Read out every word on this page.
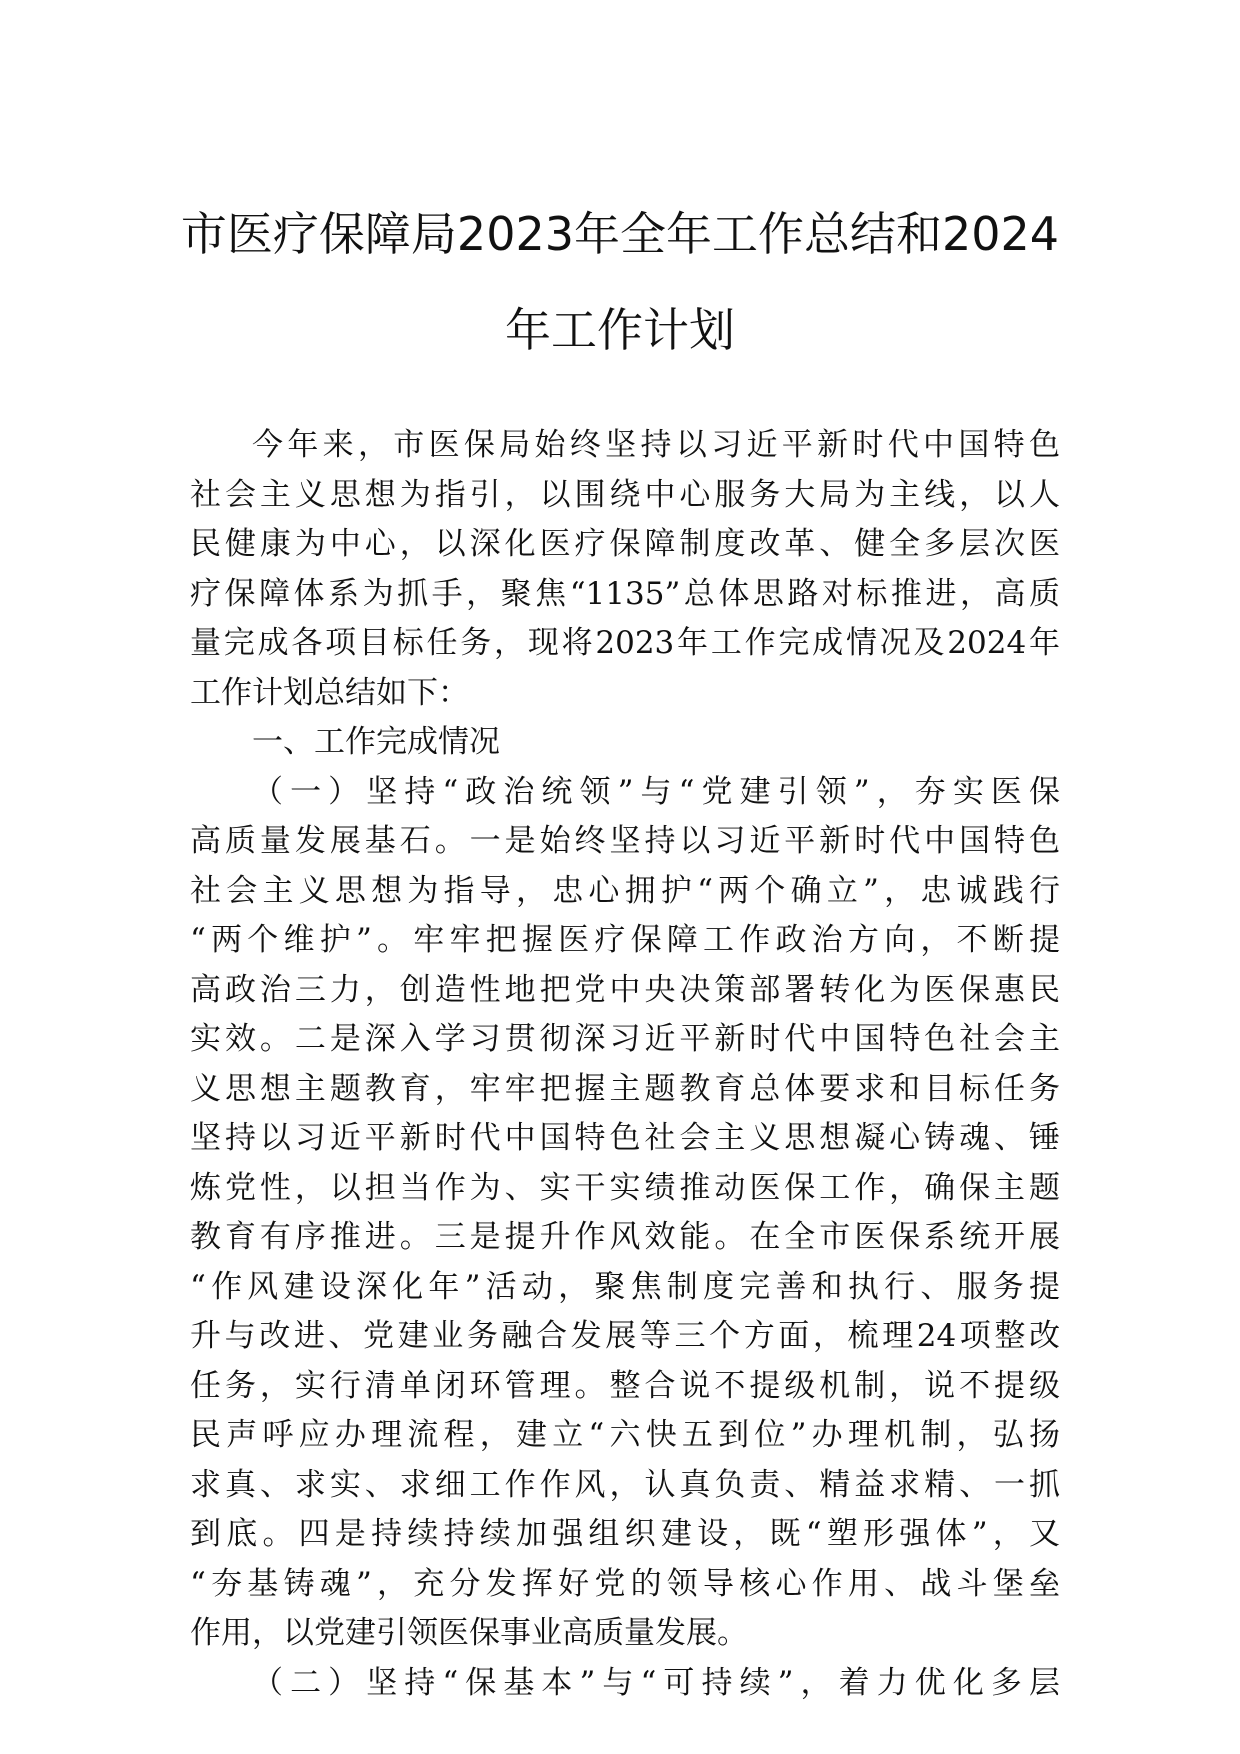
市医疗保障局2023年全年工作总结和2024
年工作计划
今年来，市医保局始终坚持以习近平新时代中国特色
社会主义思想为指引，以围绕中心服务大局为主线，以人
民健康为中心，以深化医疗保障制度改革、健全多层次医
疗保障体系为抓手，聚焦“1135”总体思路对标推进，高质
量完成各项目标任务，现将2023年工作完成情况及2024年
工作计划总结如下：
一、工作完成情况
（一）坚持“政治统领”与“党建引领”，夯实医保
高质量发展基石。一是始终坚持以习近平新时代中国特色
社会主义思想为指导，忠心拥护“两个确立”，忠诚践行
“两个维护”。牢牢把握医疗保障工作政治方向，不断提
高政治三力，创造性地把党中央决策部署转化为医保惠民
实效。二是深入学习贯彻深习近平新时代中国特色社会主
义思想主题教育，牢牢把握主题教育总体要求和目标任务
坚持以习近平新时代中国特色社会主义思想凝心铸魂、锤
炼党性，以担当作为、实干实绩推动医保工作，确保主题
教育有序推进。三是提升作风效能。在全市医保系统开展
“作风建设深化年”活动，聚焦制度完善和执行、服务提
升与改进、党建业务融合发展等三个方面，梳理24项整改
任务，实行清单闭环管理。整合说不提级机制，说不提级
民声呼应办理流程，建立“六快五到位”办理机制，弘扬
求真、求实、求细工作作风，认真负责、精益求精、一抓
到底。四是持续持续加强组织建设，既“塑形强体”，又
“夯基铸魂”，充分发挥好党的领导核心作用、战斗堡垒
作用，以党建引领医保事业高质量发展。
（二）坚持“保基本”与“可持续”，着力优化多层
